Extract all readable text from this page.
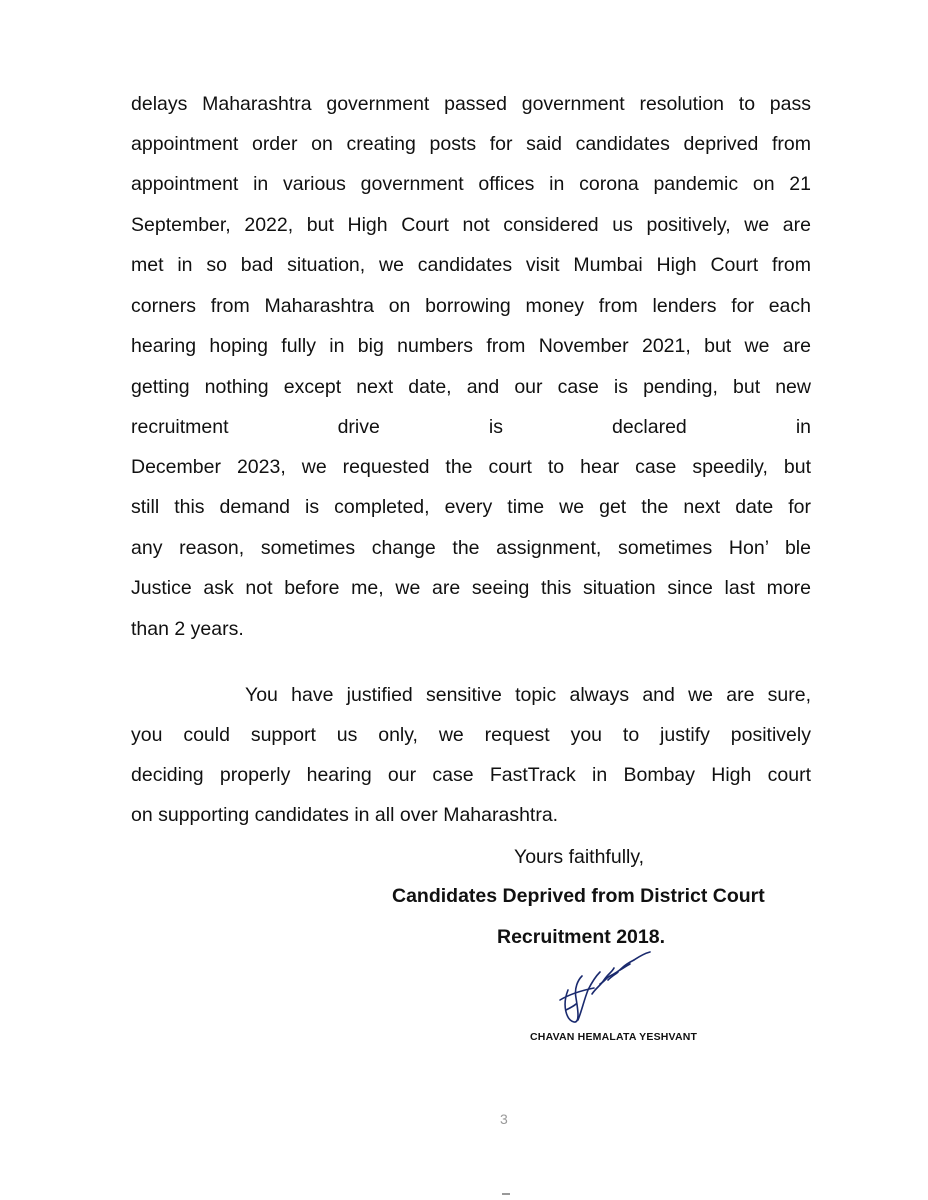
delays Maharashtra government passed government resolution to pass
appointment order on creating posts for said candidates deprived from
appointment in various government offices in corona pandemic on 21
September, 2022, but High Court not considered us positively, we are
met in so bad situation, we candidates visit Mumbai High Court from
corners from Maharashtra on borrowing money from lenders for each
hearing hoping fully in big numbers from November 2021, but we are
getting nothing except next date, and our case is pending, but new
recruitment drive is declared in
December 2023, we requested the court to hear case speedily, but
still this demand is completed, every time we get the next date for
any reason, sometimes change the assignment, sometimes Hon’ ble
Justice ask not before me, we are seeing this situation since last more
than 2 years.
You have justified sensitive topic always and we are sure,
you could support us only, we request you to justify positively
deciding properly hearing our case FastTrack in Bombay High court
on supporting candidates in all over Maharashtra.
Yours faithfully,
Candidates Deprived from District Court
Recruitment 2018.
CHAVAN HEMALATA YESHVANT
3
